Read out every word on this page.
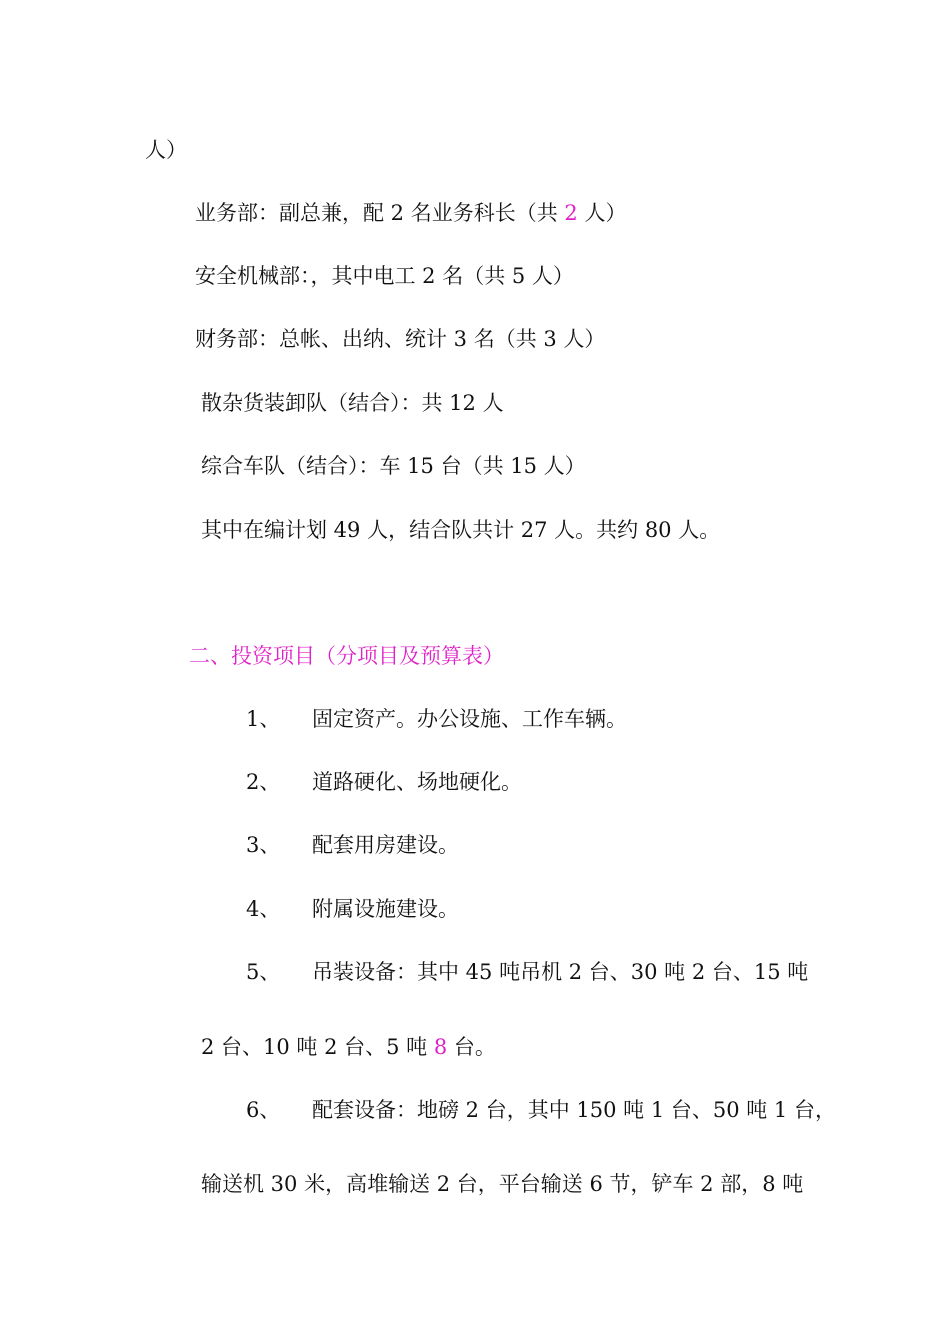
人）

业务部：副总兼，配 2 名业务科长（共 2 人）

安全机械部：，其中电工 2 名（共 5 人）

财务部：总帐、出纳、统计 3 名（共 3 人）

散杂货装卸队（结合）：共 12 人

综合车队（结合）：车 15 台（共 15 人）

其中在编计划 49 人，结合队共计 27 人。共约 80 人。

二、投资项目（分项目及预算表）

1、 固定资产。办公设施、工作车辆。

2、 道路硬化、场地硬化。

3、 配套用房建设。

4、 附属设施建设。

5、 吊装设备：其中 45 吨吊机 2 台、30 吨 2 台、15 吨

2 台、10 吨 2 台、5 吨 8 台。

6、 配套设备：地磅 2 台，其中 150 吨 1 台、50 吨 1 台，

输送机 30 米，高堆输送 2 台，平台输送 6 节，铲车 2 部，8 吨
